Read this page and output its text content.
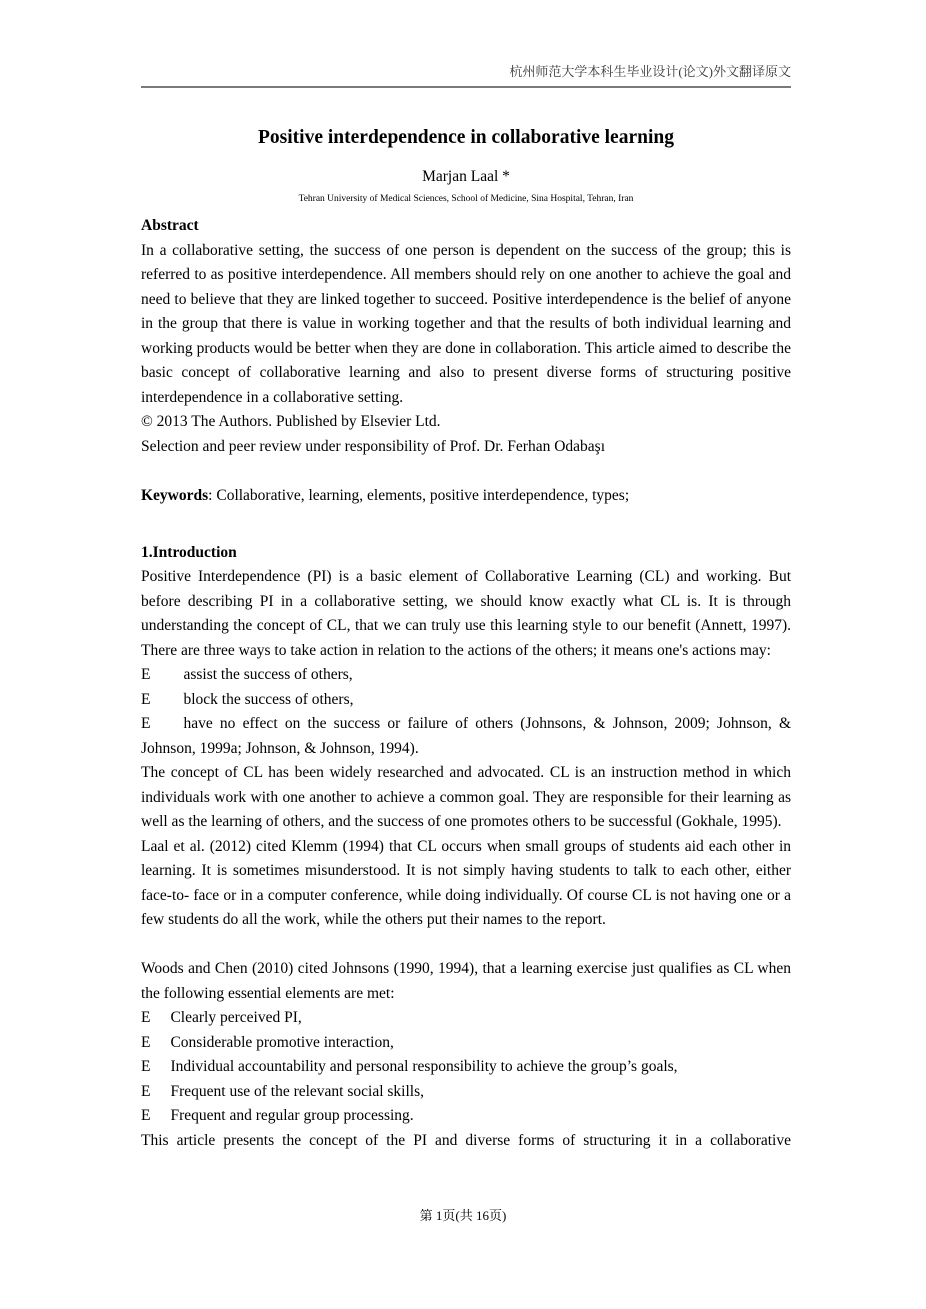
杭州师范大学本科生毕业设计(论文)外文翻译原文
Positive interdependence in collaborative learning
Marjan Laal *
Tehran University of Medical Sciences, School of Medicine, Sina Hospital, Tehran, Iran
Abstract

In a collaborative setting, the success of one person is dependent on the success of the group; this is referred to as positive interdependence. All members should rely on one another to achieve the goal and need to believe that they are linked together to succeed. Positive interdependence is the belief of anyone in the group that there is value in working together and that the results of both individual learning and working products would be better when they are done in collaboration. This article aimed to describe the basic concept of collaborative learning and also to present diverse forms of structuring positive interdependence in a collaborative setting.

© 2013 The Authors. Published by Elsevier Ltd.

Selection and peer review under responsibility of Prof. Dr. Ferhan Odabaşı

Keywords: Collaborative, learning, elements, positive interdependence, types;

1.Introduction

Positive Interdependence (PI) is a basic element of Collaborative Learning (CL) and working. But before describing PI in a collaborative setting, we should know exactly what CL is. It is through understanding the concept of CL, that we can truly use this learning style to our benefit (Annett, 1997). There are three ways to take action in relation to the actions of the others; it means one's actions may:

E assist the success of others,

E block the success of others,

E have no effect on the success or failure of others (Johnsons, & Johnson, 2009; Johnson, & Johnson, 1999a; Johnson, & Johnson, 1994).

The concept of CL has been widely researched and advocated. CL is an instruction method in which individuals work with one another to achieve a common goal. They are responsible for their learning as well as the learning of others, and the success of one promotes others to be successful (Gokhale, 1995).

Laal et al. (2012) cited Klemm (1994) that CL occurs when small groups of students aid each other in learning. It is sometimes misunderstood. It is not simply having students to talk to each other, either face-to- face or in a computer conference, while doing individually. Of course CL is not having one or a few students do all the work, while the others put their names to the report.

Woods and Chen (2010) cited Johnsons (1990, 1994), that a learning exercise just qualifies as CL when the following essential elements are met:

E Clearly perceived PI,

E Considerable promotive interaction,

E Individual accountability and personal responsibility to achieve the group’s goals,

E Frequent use of the relevant social skills,

E Frequent and regular group processing.

This article presents the concept of the PI and diverse forms of structuring it in a collaborative

第 1页(共 16页)
